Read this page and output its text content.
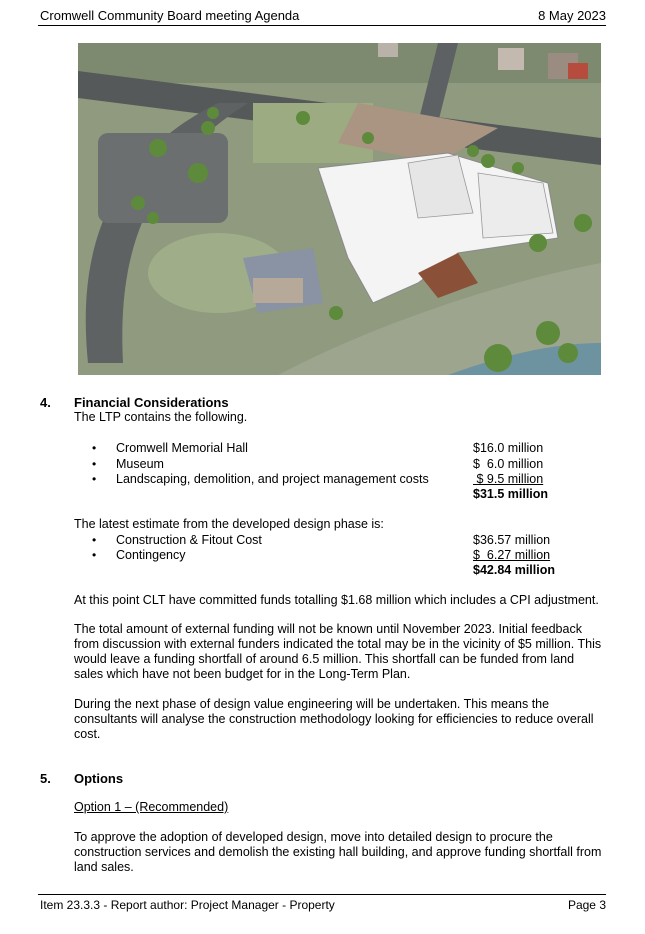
Cromwell Community Board meeting Agenda	8 May 2023
4. Financial Considerations
The LTP contains the following.
• Cromwell Memorial Hall	$16.0 million
• Museum	$  6.0 million
• Landscaping, demolition, and project management costs	$ 9.5 million
$31.5 million
The latest estimate from the developed design phase is:
• Construction & Fitout Cost	$36.57 million
• Contingency	$  6.27 million
$42.84 million
At this point CLT have committed funds totalling $1.68 million which includes a CPI adjustment.
The total amount of external funding will not be known until November 2023. Initial feedback from discussion with external funders indicated the total may be in the vicinity of $5 million. This would leave a funding shortfall of around 6.5 million. This shortfall can be funded from land sales which have not been budget for in the Long-Term Plan.
During the next phase of design value engineering will be undertaken. This means the consultants will analyse the construction methodology looking for efficiencies to reduce overall cost.
5. Options
Option 1 – (Recommended)
To approve the adoption of developed design, move into detailed design to procure the construction services and demolish the existing hall building, and approve funding shortfall from land sales.
Item 23.3.3 - Report author: Project Manager - Property	Page 3
